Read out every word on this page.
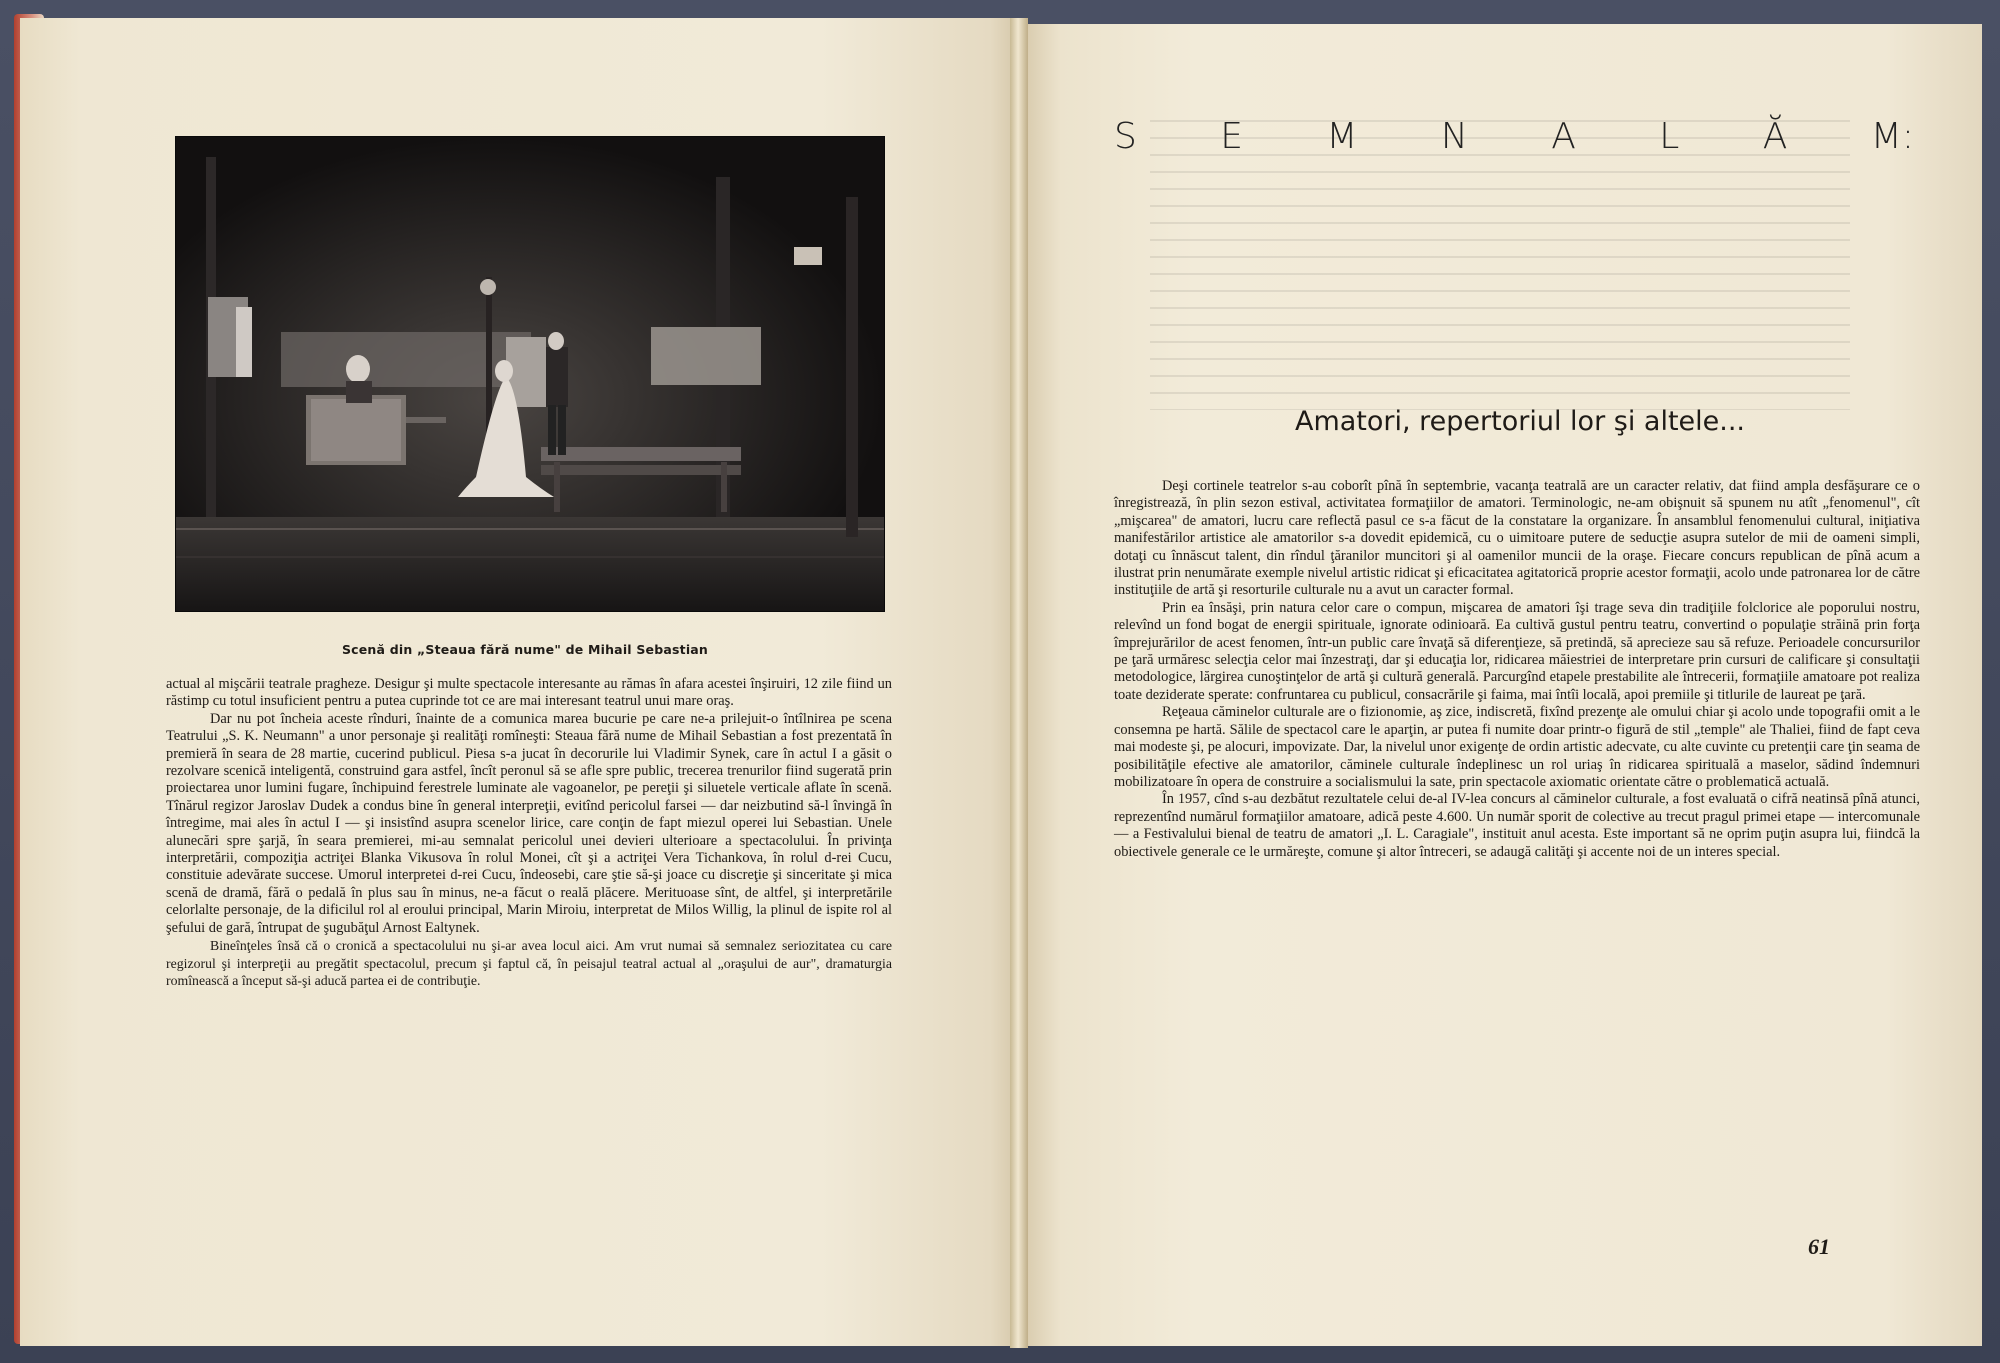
Scenă din „Steaua fără nume" de Mihail Sebastian

actual al mişcării teatrale pragheze. Desigur şi multe spectacole interesante au rămas în afara acestei înşiruiri, 12 zile fiind un răstimp cu totul insuficient pentru a putea cuprinde tot ce are mai interesant teatrul unui mare oraş.

Dar nu pot încheia aceste rînduri, înainte de a comunica marea bucurie pe care ne-a prilejuit-o întîlnirea pe scena Teatrului „S. K. Neumann" a unor personaje şi realităţi romîneşti: Steaua fără nume de Mihail Sebastian a fost prezentată în premieră în seara de 28 martie, cucerind publicul. Piesa s-a jucat în decorurile lui Vladimir Synek, care în actul I a găsit o rezolvare scenică inteligentă, construind gara astfel, încît peronul să se afle spre public, trecerea trenurilor fiind sugerată prin proiectarea unor lumini fugare, închipuind ferestrele luminate ale vagoanelor, pe pereţii şi siluetele verticale aflate în scenă. Tînărul regizor Jaroslav Dudek a condus bine în general interpreţii, evitînd pericolul farsei — dar neizbutind să-l învingă în întregime, mai ales în actul I — şi insistînd asupra scenelor lirice, care conţin de fapt miezul operei lui Sebastian. Unele alunecări spre şarjă, în seara premierei, mi-au semnalat pericolul unei devieri ulterioare a spectacolului. În privinţa interpretării, compoziţia actriţei Blanka Vikusova în rolul Monei, cît şi a actriţei Vera Tichankova, în rolul d-rei Cucu, constituie adevărate succese. Umorul interpretei d-rei Cucu, îndeosebi, care ştie să-şi joace cu discreţie şi sinceritate şi mica scenă de dramă, fără o pedală în plus sau în minus, ne-a făcut o reală plăcere. Merituoase sînt, de altfel, şi interpretările celorlalte personaje, de la dificilul rol al eroului principal, Marin Miroiu, interpretat de Milos Willig, la plinul de ispite rol al şefului de gară, întrupat de şugubăţul Arnost Ealtynek.

Bineînţeles însă că o cronică a spectacolului nu şi-ar avea locul aici. Am vrut numai să semnalez seriozitatea cu care regizorul şi interpreţii au pregătit spectacolul, precum şi faptul că, în peisajul teatral actual al „oraşului de aur", dramaturgia romînească a început să-şi aducă partea ei de contribuţie.

S E M N A L Ă M:
Amatori, repertoriul lor şi altele...

Deşi cortinele teatrelor s-au coborît pînă în septembrie, vacanţa teatrală are un caracter relativ, dat fiind ampla desfăşurare ce o înregistrează, în plin sezon estival, activitatea formaţiilor de amatori. Terminologic, ne-am obişnuit să spunem nu atît „fenomenul", cît „mişcarea" de amatori, lucru care reflectă pasul ce s-a făcut de la constatare la organizare. În ansamblul fenomenului cultural, iniţiativa manifestărilor artistice ale amatorilor s-a dovedit epidemică, cu o uimitoare putere de seducţie asupra sutelor de mii de oameni simpli, dotaţi cu înnăscut talent, din rîndul ţăranilor muncitori şi al oamenilor muncii de la oraşe. Fiecare concurs republican de pînă acum a ilustrat prin nenumărate exemple nivelul artistic ridicat şi eficacitatea agitatorică proprie acestor formaţii, acolo unde patronarea lor de către instituţiile de artă şi resorturile culturale nu a avut un caracter formal.

Prin ea însăşi, prin natura celor care o compun, mişcarea de amatori îşi trage seva din tradiţiile folclorice ale poporului nostru, relevînd un fond bogat de energii spirituale, ignorate odinioară. Ea cultivă gustul pentru teatru, convertind o populaţie străină prin forţa împrejurărilor de acest fenomen, într-un public care învaţă să diferenţieze, să pretindă, să aprecieze sau să refuze. Perioadele concursurilor pe ţară urmăresc selecţia celor mai înzestraţi, dar şi educaţia lor, ridicarea măiestriei de interpretare prin cursuri de calificare şi consultaţii metodologice, lărgirea cunoştinţelor de artă şi cultură generală. Parcurgînd etapele prestabilite ale întrecerii, formaţiile amatoare pot realiza toate deziderate sperate: confruntarea cu publicul, consacrările şi faima, mai întîi locală, apoi premiile şi titlurile de laureat pe ţară.

Reţeaua căminelor culturale are o fizionomie, aş zice, indiscretă, fixînd prezenţe ale omului chiar şi acolo unde topografii omit a le consemna pe hartă. Sălile de spectacol care le aparţin, ar putea fi numite doar printr-o figură de stil „temple" ale Thaliei, fiind de fapt ceva mai modeste şi, pe alocuri, impovizate. Dar, la nivelul unor exigenţe de ordin artistic adecvate, cu alte cuvinte cu pretenţii care ţin seama de posibilităţile efective ale amatorilor, căminele culturale îndeplinesc un rol uriaş în ridicarea spirituală a maselor, sădind îndemnuri mobilizatoare în opera de construire a socialismului la sate, prin spectacole axiomatic orientate către o problematică actuală.

În 1957, cînd s-au dezbătut rezultatele celui de-al IV-lea concurs al căminelor culturale, a fost evaluată o cifră neatinsă pînă atunci, reprezentînd numărul formaţiilor amatoare, adică peste 4.600. Un număr sporit de colective au trecut pragul primei etape — intercomunale — a Festivalului bienal de teatru de amatori „I. L. Caragiale", instituit anul acesta. Este important să ne oprim puţin asupra lui, fiindcă la obiectivele generale ce le urmăreşte, comune şi altor întreceri, se adaugă calităţi şi accente noi de un interes special.

61
